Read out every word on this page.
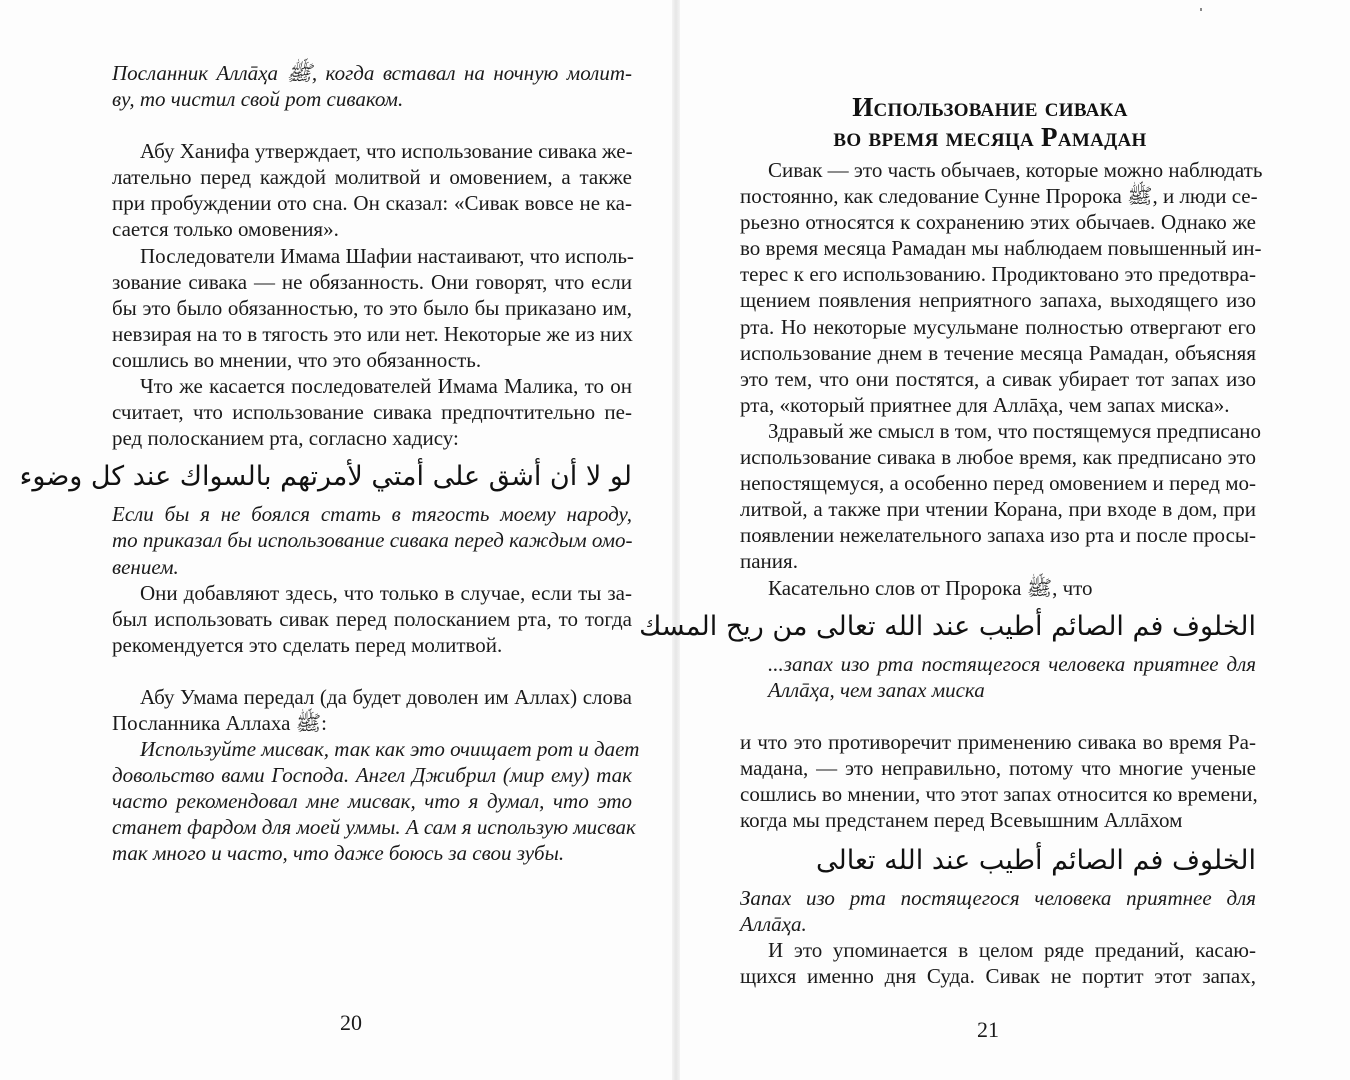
Посланник Аллāҳа ﷺ, когда вставал на ночную молит-
ву, то чистил свой рот сиваком.
Абу Ханифа утверждает, что использование сивака же-
лательно перед каждой молитвой и омовением, а также
при пробуждении ото сна. Он сказал: «Сивак вовсе не ка-
сается только омовения».
Последователи Имама Шафии настаивают, что исполь-
зование сивака — не обязанность. Они говорят, что если
бы это было обязанностью, то это было бы приказано им,
невзирая на то в тягость это или нет. Некоторые же из них
сошлись во мнении, что это обязанность.
Что же касается последователей Имама Малика, то он
считает, что использование сивака предпочтительно пе-
ред полосканием рта, согласно хадису:
لو لا أن أشق على أمتي لأمرتهم بالسواك عند كل وضوء
Если бы я не боялся стать в тягость моему народу,
то приказал бы использование сивака перед каждым омо-
вением.
Они добавляют здесь, что только в случае, если ты за-
был использовать сивак перед полосканием рта, то тогда
рекомендуется это сделать перед молитвой.
Абу Умама передал (да будет доволен им Аллах) слова
Посланника Аллаха ﷺ:
Используйте мисвак, так как это очищает рот и дает
довольство вами Господа. Ангел Джибрил (мир ему) так
часто рекомендовал мне мисвак, что я думал, что это
станет фардом для моей уммы. А сам я использую мисвак
так много и часто, что даже боюсь за свои зубы.
20
Использование сивака
во время месяца Рамадан
Сивак — это часть обычаев, которые можно наблюдать
постоянно, как следование Сунне Пророка ﷺ, и люди се-
рьезно относятся к сохранению этих обычаев. Однако же
во время месяца Рамадан мы наблюдаем повышенный ин-
терес к его использованию. Продиктовано это предотвра-
щением появления неприятного запаха, выходящего изо
рта. Но некоторые мусульмане полностью отвергают его
использование днем в течение месяца Рамадан, объясняя
это тем, что они постятся, а сивак убирает тот запах изо
рта, «который приятнее для Аллāҳа, чем запах миска».
Здравый же смысл в том, что постящемуся предписано
использование сивака в любое время, как предписано это
непостящемуся, а особенно перед омовением и перед мо-
литвой, а также при чтении Корана, при входе в дом, при
появлении нежелательного запаха изо рта и после просы-
пания.
Касательно слов от Пророка ﷺ, что
الخلوف فم الصائم أطيب عند الله تعالى من ريح المسك
...запах изо рта постящегося человека приятнее для
Аллāҳа, чем запах миска
и что это противоречит применению сивака во время Ра-
мадана, — это неправильно, потому что многие ученые
сошлись во мнении, что этот запах относится ко времени,
когда мы предстанем перед Всевышним Аллāхом
الخلوف فم الصائم أطيب عند الله تعالى
Запах изо рта постящегося человека приятнее для
Аллāҳа.
И это упоминается в целом ряде преданий, касаю-
щихся именно дня Суда. Сивак не портит этот запах,
21
